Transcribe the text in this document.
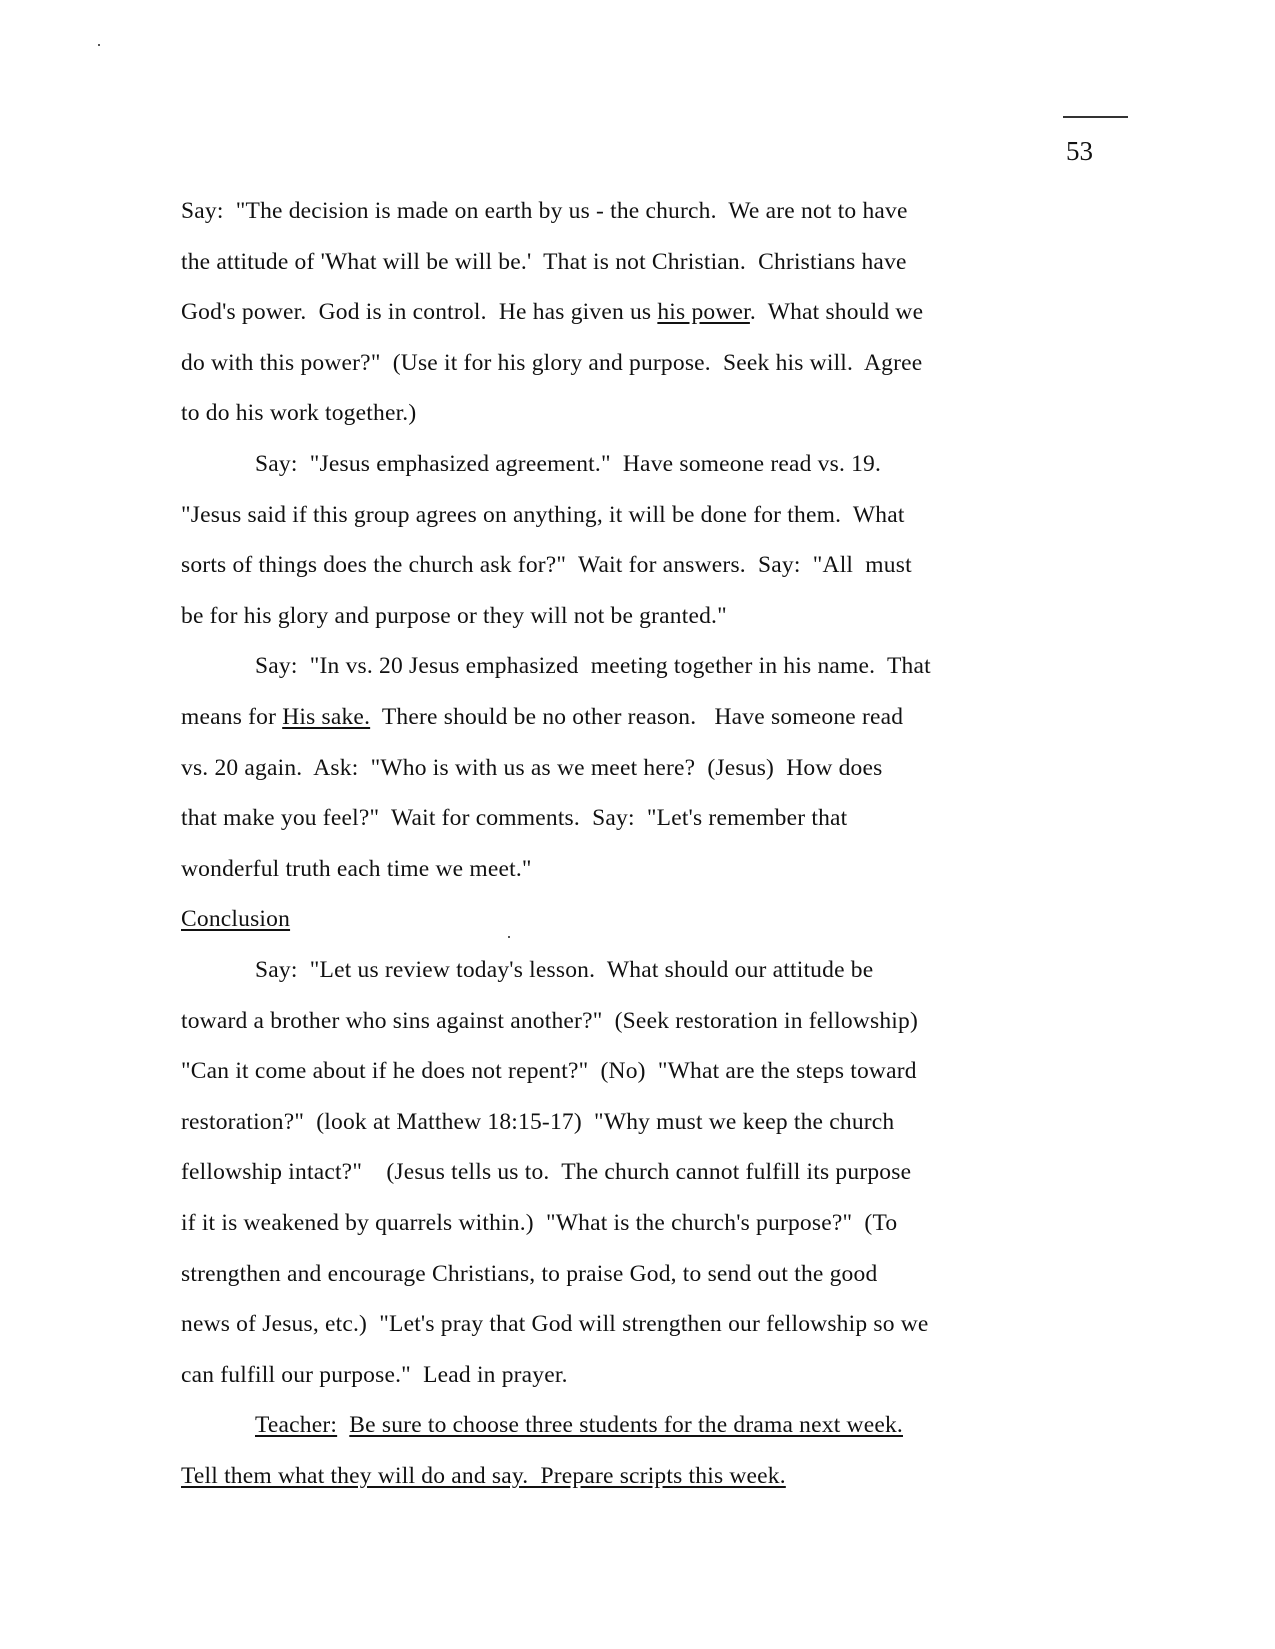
53
Say:  "The decision is made on earth by us - the church.  We are not to have
the attitude of 'What will be will be.'  That is not Christian.  Christians have
God's power.  God is in control.  He has given us his power.  What should we
do with this power?"  (Use it for his glory and purpose.  Seek his will.  Agree
to do his work together.)
Say:  "Jesus emphasized agreement."  Have someone read vs. 19.
"Jesus said if this group agrees on anything, it will be done for them.  What
sorts of things does the church ask for?"  Wait for answers.  Say:  "All  must
be for his glory and purpose or they will not be granted."
Say:  "In vs. 20 Jesus emphasized  meeting together in his name.  That
means for His sake.  There should be no other reason.   Have someone read
vs. 20 again.  Ask:  "Who is with us as we meet here?  (Jesus)  How does
that make you feel?"  Wait for comments.  Say:  "Let's remember that
wonderful truth each time we meet."
Conclusion
Say:  "Let us review today's lesson.  What should our attitude be
toward a brother who sins against another?"  (Seek restoration in fellowship)
"Can it come about if he does not repent?"  (No)  "What are the steps toward
restoration?"  (look at Matthew 18:15-17)  "Why must we keep the church
fellowship intact?"    (Jesus tells us to.  The church cannot fulfill its purpose
if it is weakened by quarrels within.)  "What is the church's purpose?"  (To
strengthen and encourage Christians, to praise God, to send out the good
news of Jesus, etc.)  "Let's pray that God will strengthen our fellowship so we
can fulfill our purpose."  Lead in prayer.
Teacher: Be sure to choose three students for the drama next week.
Tell them what they will do and say.  Prepare scripts this week.
